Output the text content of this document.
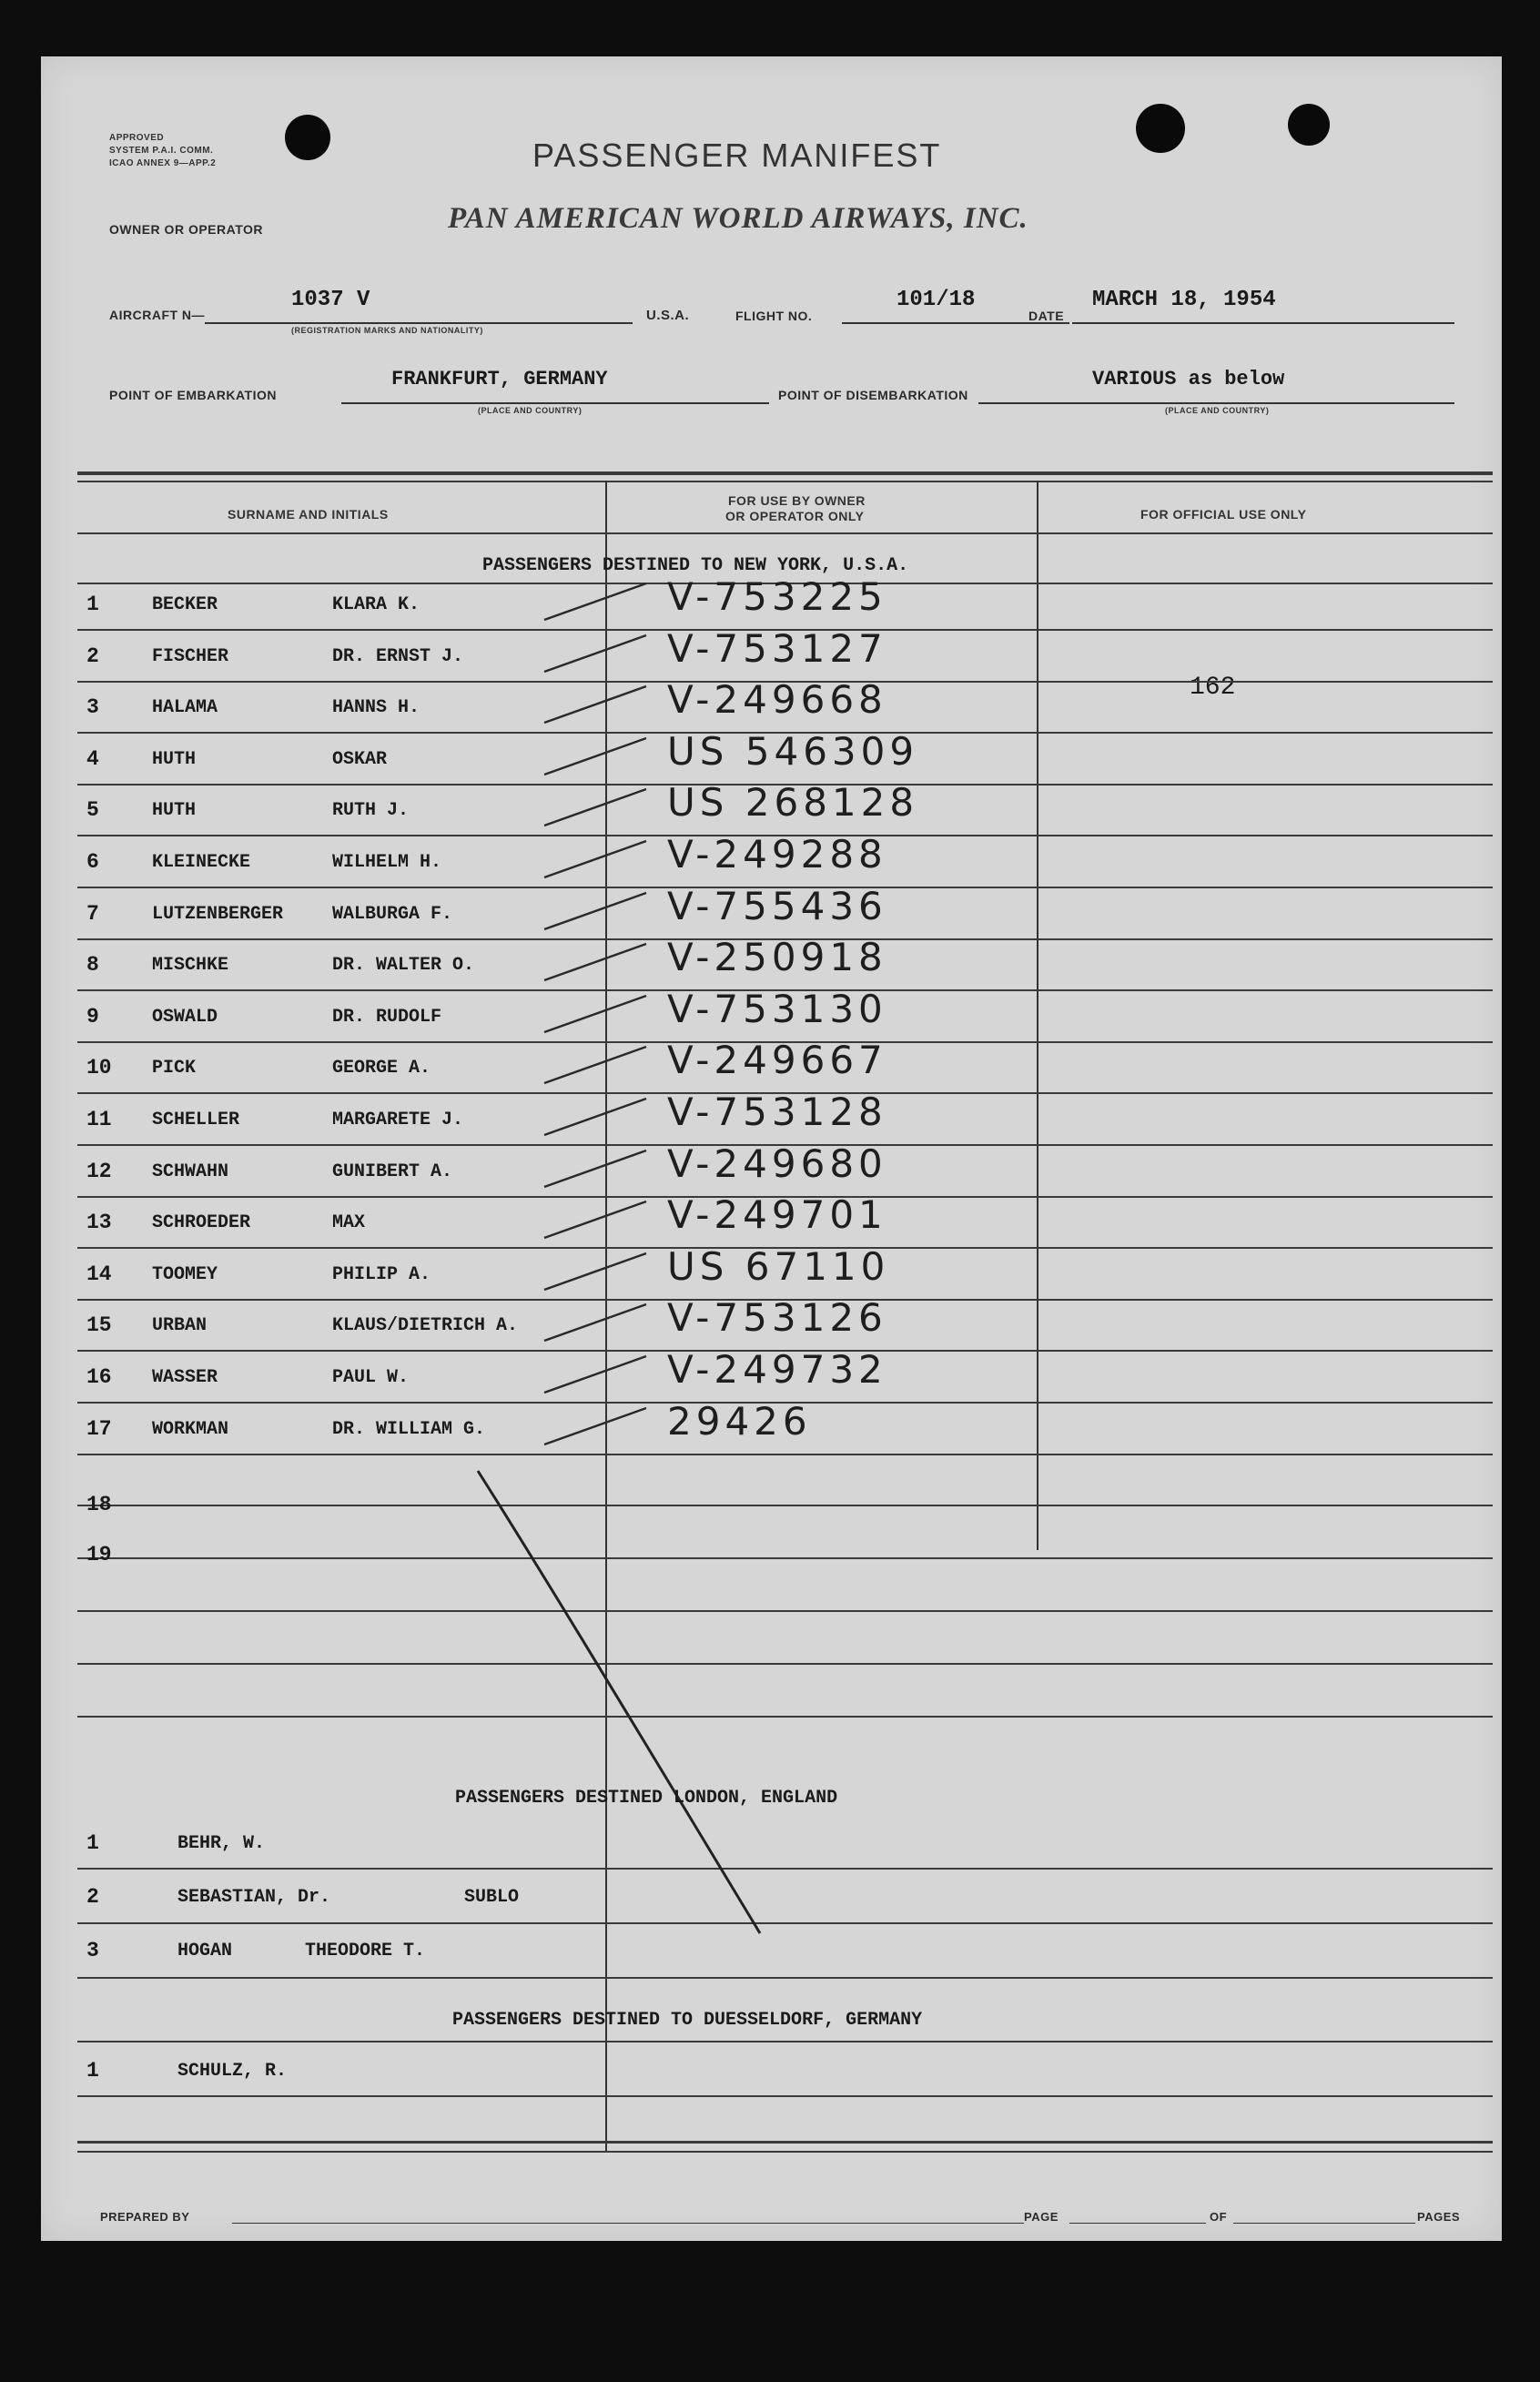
APPROVED
SYSTEM P.A.I. COMM.
ICAO ANNEX 9—APP.2	PASSENGER MANIFEST
OWNER OR OPERATOR	PAN AMERICAN WORLD AIRWAYS, INC.
AIRCRAFT N—
1037 V
(REGISTRATION MARKS AND NATIONALITY)
U.S.A.	FLIGHT NO.
101/18
DATE
MARCH 18, 1954
POINT OF EMBARKATION
FRANKFURT, GERMANY
(PLACE AND COUNTRY)
POINT OF DISEMBARKATION
VARIOUS as below
(PLACE AND COUNTRY)
SURNAME AND INITIALS
FOR USE BY OWNER
OR OPERATOR ONLY	FOR OFFICIAL USE ONLY
PASSENGERS DESTINED TO NEW YORK, U.S.A.
162
1	BECKER	KLARA K.	V-753225
2	FISCHER	DR. ERNST J.	V-753127
3	HALAMA	HANNS H.	V-249668
4	HUTH	OSKAR	US 546309
5	HUTH	RUTH J.	US 268128
6	KLEINECKE	WILHELM H.	V-249288
7	LUTZENBERGER	WALBURGA F.	V-755436
8	MISCHKE	DR. WALTER O.	V-250918
9	OSWALD	DR. RUDOLF	V-753130
10 PICK	GEORGE A.	V-249667
11 SCHELLER	MARGARETE J.	V-753128
12 SCHWAHN	GUNIBERT A.	V-249680
13 SCHROEDER	MAX	V-249701
14 TOOMEY	PHILIP A.	US 67110
15 URBAN	KLAUS/DIETRICH A.	V-753126
16 WASSER	PAUL W.	V-249732
17 WORKMAN	DR. WILLIAM G.	29426
18
19
PASSENGERS DESTINED LONDON, ENGLAND
1	BEHR, W.
2	SEBASTIAN, Dr.	SUBLO
3	HOGAN	THEODORE T.
PASSENGERS DESTINED TO DUESSELDORF, GERMANY
1	SCHULZ, R.
PREPARED BY	PAGE	OF	PAGES
